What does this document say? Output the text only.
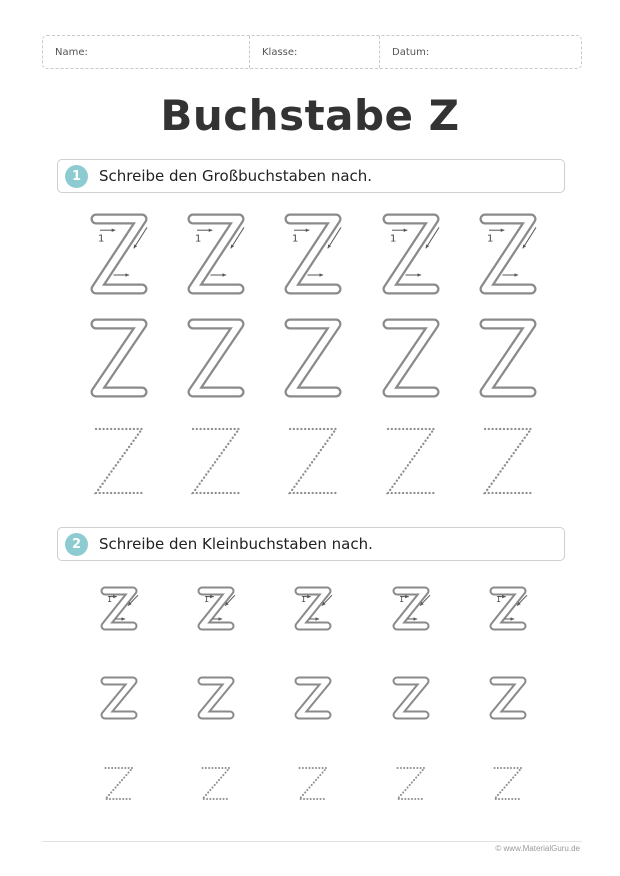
Name:	Klasse:	Datum:
Buchstabe Z
1	Schreibe den Großbuchstaben nach.
2	Schreibe den Kleinbuchstaben nach.
1
1
1
1
1
1
1
1
1
1
© www.MaterialGuru.de
